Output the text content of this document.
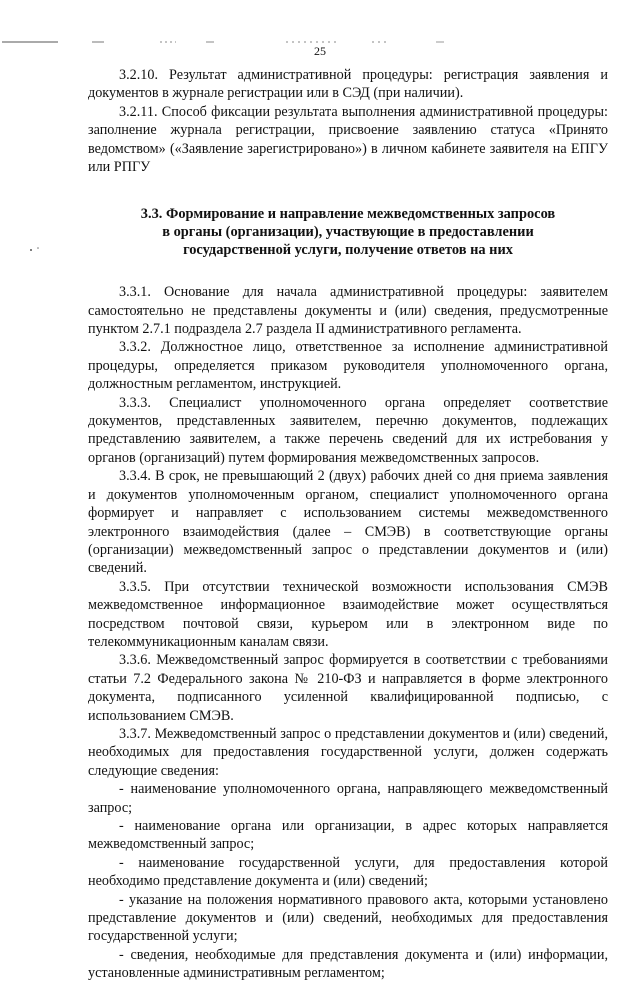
25

3.2.10. Результат административной процедуры: регистрация заявления и документов в журнале регистрации или в СЭД (при наличии).

3.2.11. Способ фиксации результата выполнения административной процедуры: заполнение журнала регистрации, присвоение заявлению статуса «Принято ведомством» («Заявление зарегистрировано») в личном кабинете заявителя на ЕПГУ или РПГУ

3.3. Формирование и направление межведомственных запросов
в органы (организации), участвующие в предоставлении
государственной услуги, получение ответов на них

3.3.1. Основание для начала административной процедуры: заявителем самостоятельно не представлены документы и (или) сведения, предусмотренные пунктом 2.7.1 подраздела 2.7 раздела II административного регламента.

3.3.2. Должностное лицо, ответственное за исполнение административной процедуры, определяется приказом руководителя уполномоченного органа, должностным регламентом, инструкцией.

3.3.3. Специалист уполномоченного органа определяет соответствие документов, представленных заявителем, перечню документов, подлежащих представлению заявителем, а также перечень сведений для их истребования у органов (организаций) путем формирования межведомственных запросов.

3.3.4. В срок, не превышающий 2 (двух) рабочих дней со дня приема заявления и документов уполномоченным органом, специалист уполномоченного органа формирует и направляет с использованием системы межведомственного электронного взаимодействия (далее – СМЭВ) в соответствующие органы (организации) межведомственный запрос о представлении документов и (или) сведений.

3.3.5. При отсутствии технической возможности использования СМЭВ межведомственное информационное взаимодействие может осуществляться посредством почтовой связи, курьером или в электронном виде по телекоммуникационным каналам связи.

3.3.6. Межведомственный запрос формируется в соответствии с требованиями статьи 7.2 Федерального закона № 210-ФЗ и направляется в форме электронного документа, подписанного усиленной квалифицированной подписью, с использованием СМЭВ.

3.3.7. Межведомственный запрос о представлении документов и (или) сведений, необходимых для предоставления государственной услуги, должен содержать следующие сведения:

- наименование уполномоченного органа, направляющего межведомственный запрос;

- наименование органа или организации, в адрес которых направляется межведомственный запрос;

- наименование государственной услуги, для предоставления которой необходимо представление документа и (или) сведений;

- указание на положения нормативного правового акта, которыми установлено представление документов и (или) сведений, необходимых для предоставления государственной услуги;

- сведения, необходимые для представления документа и (или) информации, установленные административным регламентом;
